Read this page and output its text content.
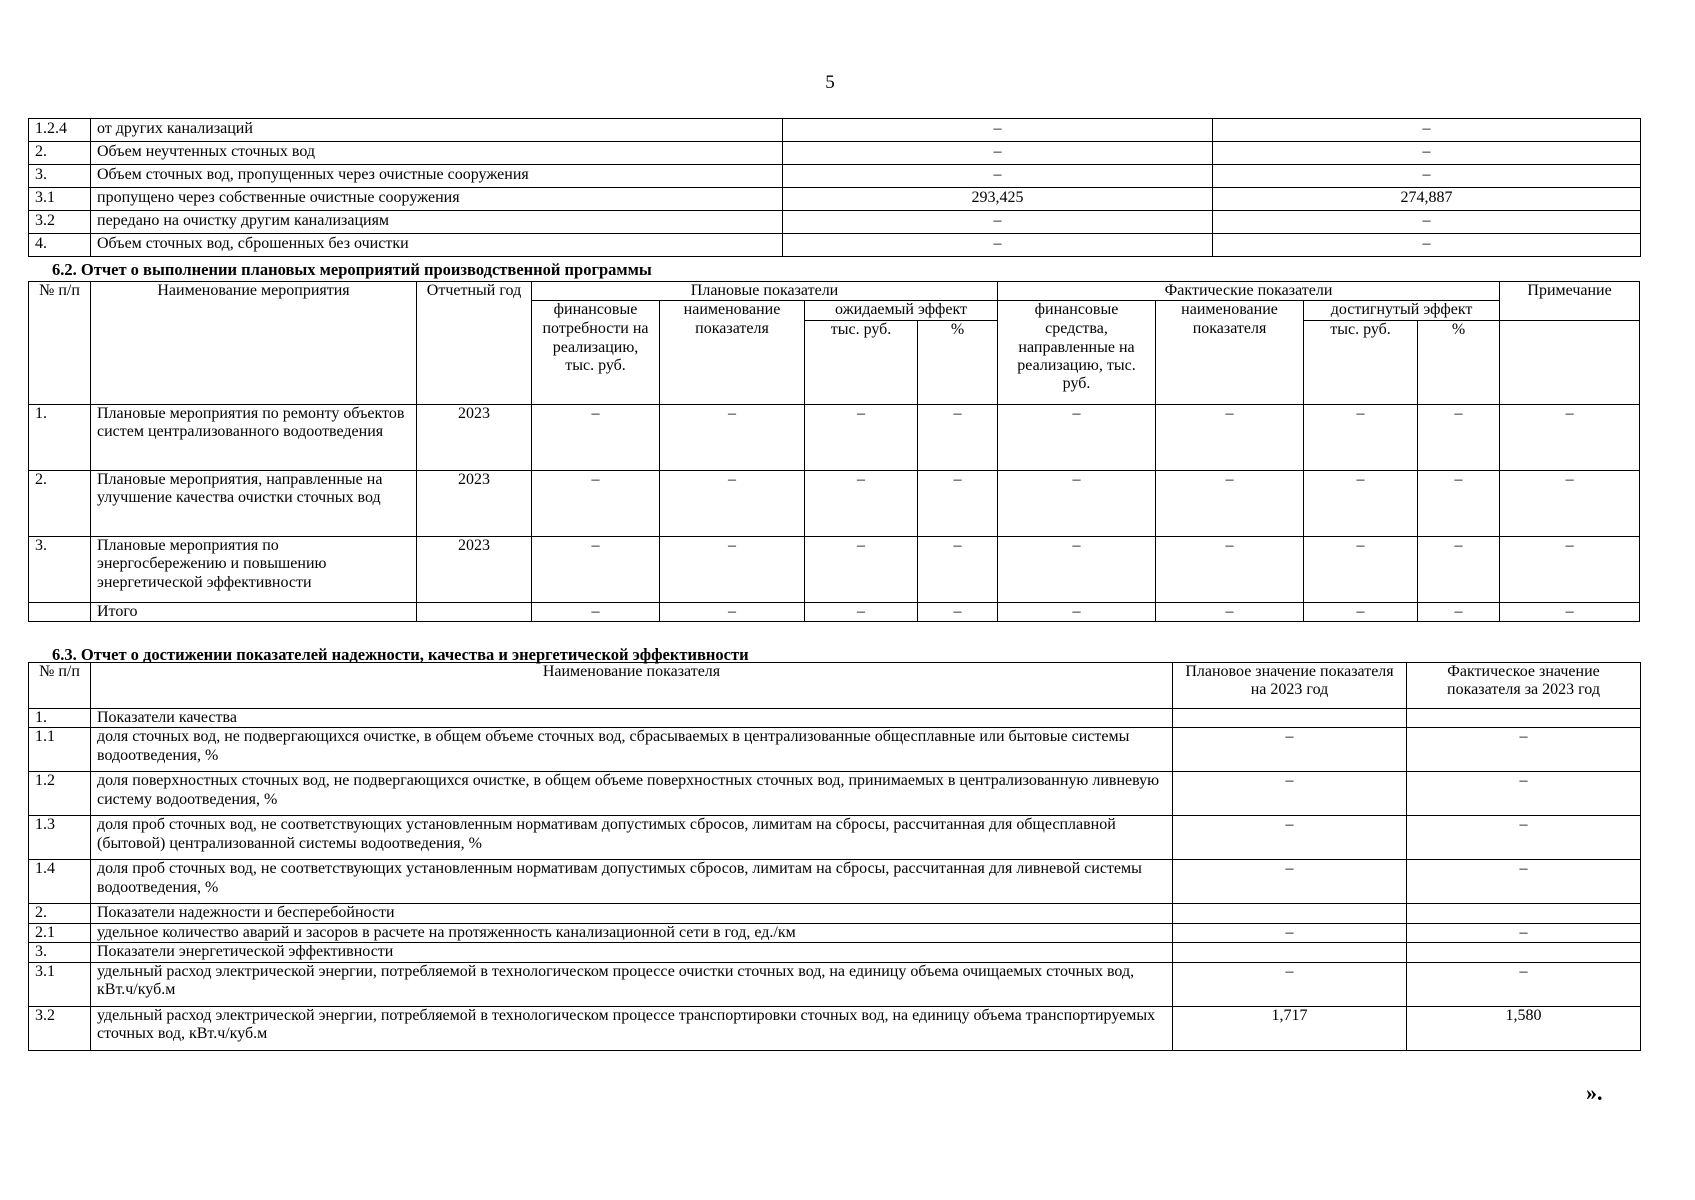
5
1.2.4	от других канализаций	–	–
2.	Объем неучтенных сточных вод	–	–
3.	Объем сточных вод, пропущенных через очистные сооружения	–	–
3.1	пропущено через собственные очистные сооружения	293,425	274,887
3.2	передано на очистку другим канализациям	–	–
4.	Объем сточных вод, сброшенных без очистки	–	–
6.2. Отчет о выполнении плановых мероприятий производственной программы
№ п/п	Наименование мероприятия	Отчетный год	Плановые показатели				Фактические показатели				Примечание
			финансовые	наименование	ожидаемый эффект		финансовые	наименование	достигнутый эффект		
			потребности на реализацию, тыс. руб.	показателя	тыс. руб.	%	средства, направленные на реализацию, тыс. руб.	показателя	тыс. руб.	%	
1.	Плановые мероприятия по ремонту объектов систем централизованного водоотведения	2023	–	–	–	–	–	–	–	–	–
2.	Плановые мероприятия, направленные на улучшение качества очистки сточных вод	2023	–	–	–	–	–	–	–	–	–
3.	Плановые мероприятия по энергосбережению и повышению энергетической эффективности	2023	–	–	–	–	–	–	–	–	–
	Итого		–	–	–	–	–	–	–	–	–
6.3. Отчет о достижении показателей надежности, качества и энергетической эффективности
№ п/п	Наименование показателя	Плановое значение показателя на 2023 год	Фактическое значение показателя за 2023 год
1.	Показатели качества		
1.1	доля сточных вод, не подвергающихся очистке, в общем объеме сточных вод, сбрасываемых в централизованные общесплавные или бытовые системы водоотведения, %	–	–
1.2	доля поверхностных сточных вод, не подвергающихся очистке, в общем объеме поверхностных сточных вод, принимаемых в централизованную ливневую систему водоотведения, %	–	–
1.3	доля проб сточных вод, не соответствующих установленным нормативам допустимых сбросов, лимитам на сбросы, рассчитанная для общесплавной (бытовой) централизованной системы водоотведения, %	–	–
1.4	доля проб сточных вод, не соответствующих установленным нормативам допустимых сбросов, лимитам на сбросы, рассчитанная для ливневой системы водоотведения, %	–	–
2.	Показатели надежности и бесперебойности		
2.1	удельное количество аварий и засоров в расчете на протяженность канализационной сети в год, ед./км	–	–
3.	Показатели энергетической эффективности		
3.1	удельный расход электрической энергии, потребляемой в технологическом процессе очистки сточных вод, на единицу объема очищаемых сточных вод, кВт.ч/куб.м	–	–
3.2	удельный расход электрической энергии, потребляемой в технологическом процессе транспортировки сточных вод, на единицу объема транспортируемых сточных вод, кВт.ч/куб.м	1,717	1,580
».
